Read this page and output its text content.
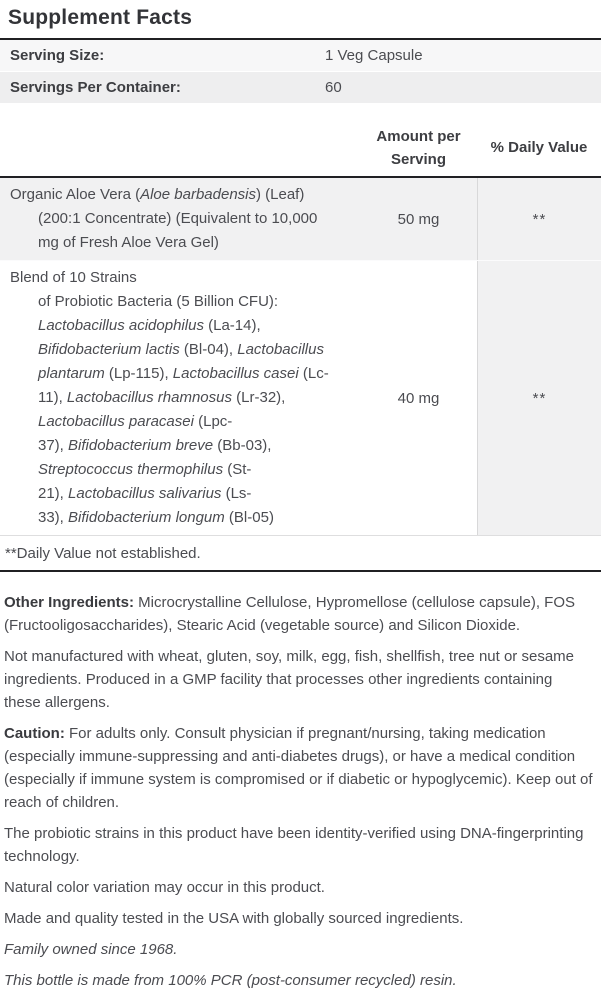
Supplement Facts
Serving Size:	1 Veg Capsule
Servings Per Container:	60
Amount per Serving
% Daily Value
Organic Aloe Vera (Aloe barbadensis) (Leaf)
(200:1 Concentrate) (Equivalent to 10,000
mg of Fresh Aloe Vera Gel)
50 mg	**
Blend of 10 Strains
of Probiotic Bacteria (5 Billion CFU):
Lactobacillus acidophilus (La-14),
Bifidobacterium lactis (Bl-04), Lactobacillus
plantarum (Lp-115), Lactobacillus casei (Lc-
11), Lactobacillus rhamnosus (Lr-32),
Lactobacillus paracasei (Lpc-
37), Bifidobacterium breve (Bb-03),
Streptococcus thermophilus (St-
21), Lactobacillus salivarius (Ls-
33), Bifidobacterium longum (Bl-05)
40 mg	**
**Daily Value not established.

Other Ingredients: Microcrystalline Cellulose, Hypromellose (cellulose capsule), FOS (Fructooligosaccharides), Stearic Acid (vegetable source) and Silicon Dioxide.

Not manufactured with wheat, gluten, soy, milk, egg, fish, shellfish, tree nut or sesame ingredients. Produced in a GMP facility that processes other ingredients containing these allergens.

Caution: For adults only. Consult physician if pregnant/nursing, taking medication (especially immune-suppressing and anti-diabetes drugs), or have a medical condition (especially if immune system is compromised or if diabetic or hypoglycemic). Keep out of reach of children.

The probiotic strains in this product have been identity-verified using DNA-fingerprinting technology.

Natural color variation may occur in this product.

Made and quality tested in the USA with globally sourced ingredients.

Family owned since 1968.

This bottle is made from 100% PCR (post-consumer recycled) resin.
